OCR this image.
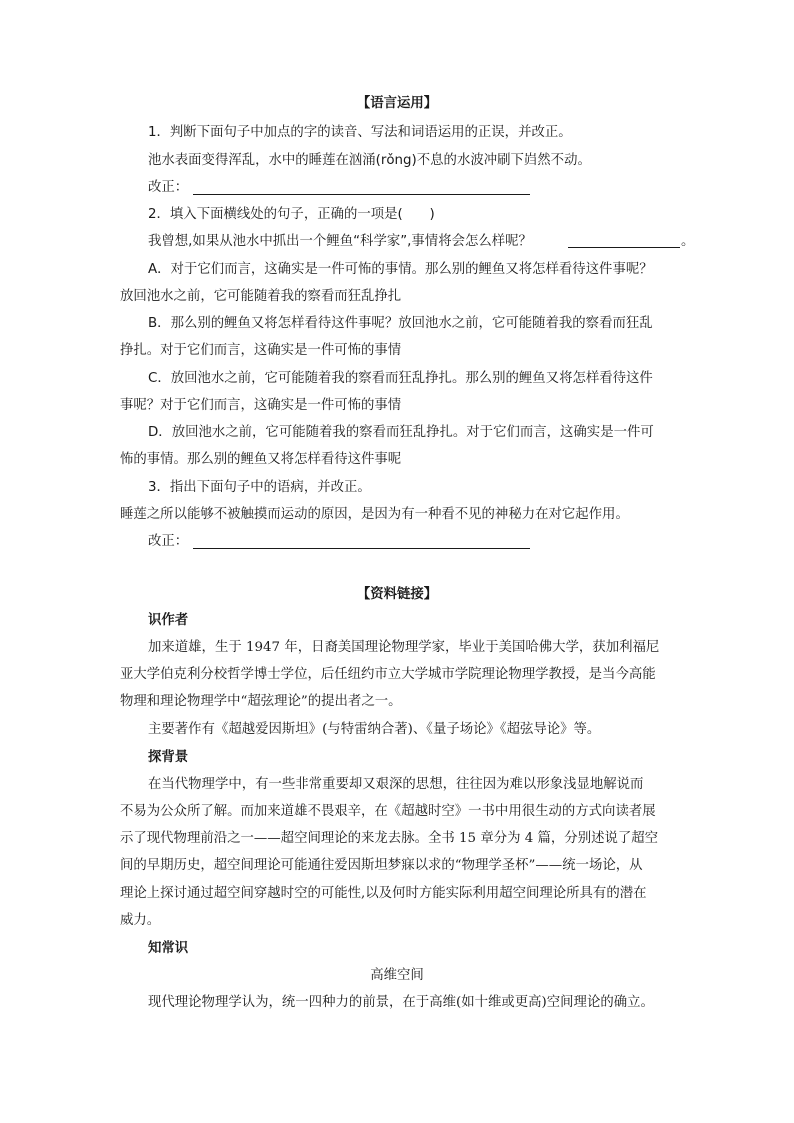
【语言运用】
1．判断下面句子中加点的字的读音、写法和词语运用的正误，并改正。
池水表面变得浑乱，水中的睡莲在汹涌(rǒng)不息的水波冲刷下岿然不动。
改正：
2．填入下面横线处的句子，正确的一项是(　　)
我曾想,如果从池水中抓出一个鲤鱼“科学家”,事情将会怎么样呢？	。
A．对于它们而言，这确实是一件可怖的事情。那么别的鲤鱼又将怎样看待这件事呢？
放回池水之前，它可能随着我的察看而狂乱挣扎
B．那么别的鲤鱼又将怎样看待这件事呢？放回池水之前，它可能随着我的察看而狂乱
挣扎。对于它们而言，这确实是一件可怖的事情
C．放回池水之前，它可能随着我的察看而狂乱挣扎。那么别的鲤鱼又将怎样看待这件
事呢？对于它们而言，这确实是一件可怖的事情
D．放回池水之前，它可能随着我的察看而狂乱挣扎。对于它们而言，这确实是一件可
怖的事情。那么别的鲤鱼又将怎样看待这件事呢
3．指出下面句子中的语病，并改正。
睡莲之所以能够不被触摸而运动的原因，是因为有一种看不见的神秘力在对它起作用。
改正：
【资料链接】
识作者
加来道雄，生于 1947 年，日裔美国理论物理学家，毕业于美国哈佛大学，获加利福尼
亚大学伯克利分校哲学博士学位，后任纽约市立大学城市学院理论物理学教授，是当今高能
物理和理论物理学中“超弦理论”的提出者之一。
主要著作有《超越爱因斯坦》(与特雷纳合著)、《量子场论》《超弦导论》等。
探背景
在当代物理学中，有一些非常重要却又艰深的思想，往往因为难以形象浅显地解说而
不易为公众所了解。而加来道雄不畏艰辛，在《超越时空》一书中用很生动的方式向读者展
示了现代物理前沿之一——超空间理论的来龙去脉。全书 15 章分为 4 篇，分别述说了超空
间的早期历史，超空间理论可能通往爱因斯坦梦寐以求的“物理学圣杯”——统一场论，从
理论上探讨通过超空间穿越时空的可能性,以及何时方能实际利用超空间理论所具有的潜在
威力。
知常识
高维空间
现代理论物理学认为，统一四种力的前景，在于高维(如十维或更高)空间理论的确立。
